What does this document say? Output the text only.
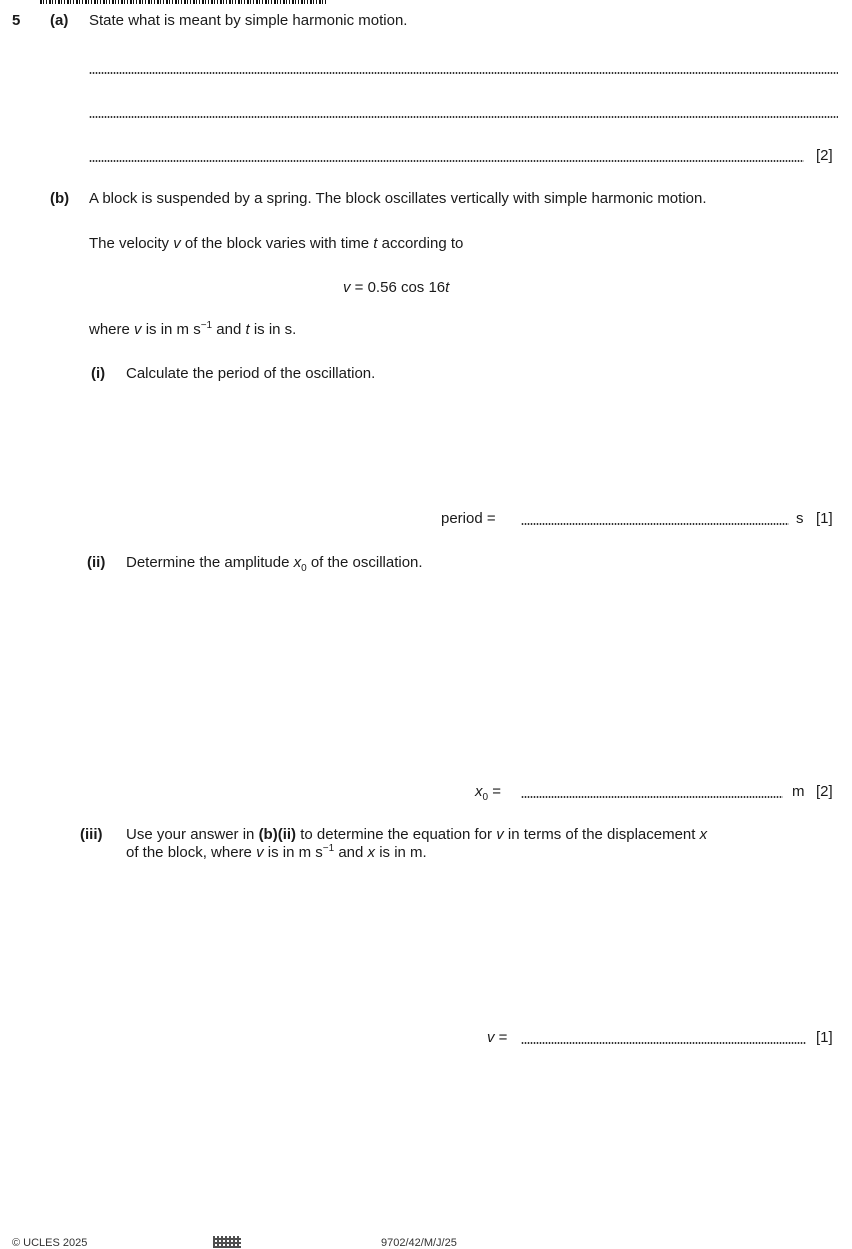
5 (a) State what is meant by simple harmonic motion.
[2]
(b) A block is suspended by a spring. The block oscillates vertically with simple harmonic motion.
The velocity v of the block varies with time t according to
v = 0.56 cos 16t
where v is in m $s^{-1}$ and t is in s.
(i) Calculate the period of the oscillation.
period =	s [1]
(ii) Determine the amplitude $x_0$ of the oscillation.
$x_0$ =	m [2]
(iii) Use your answer in (b)(ii) to determine the equation for v in terms of the displacement x
of the block, where v is in m $s^{-1}$ and x is in m.
v =	[1]
© UCLES 2025	9702/42/M/J/25
